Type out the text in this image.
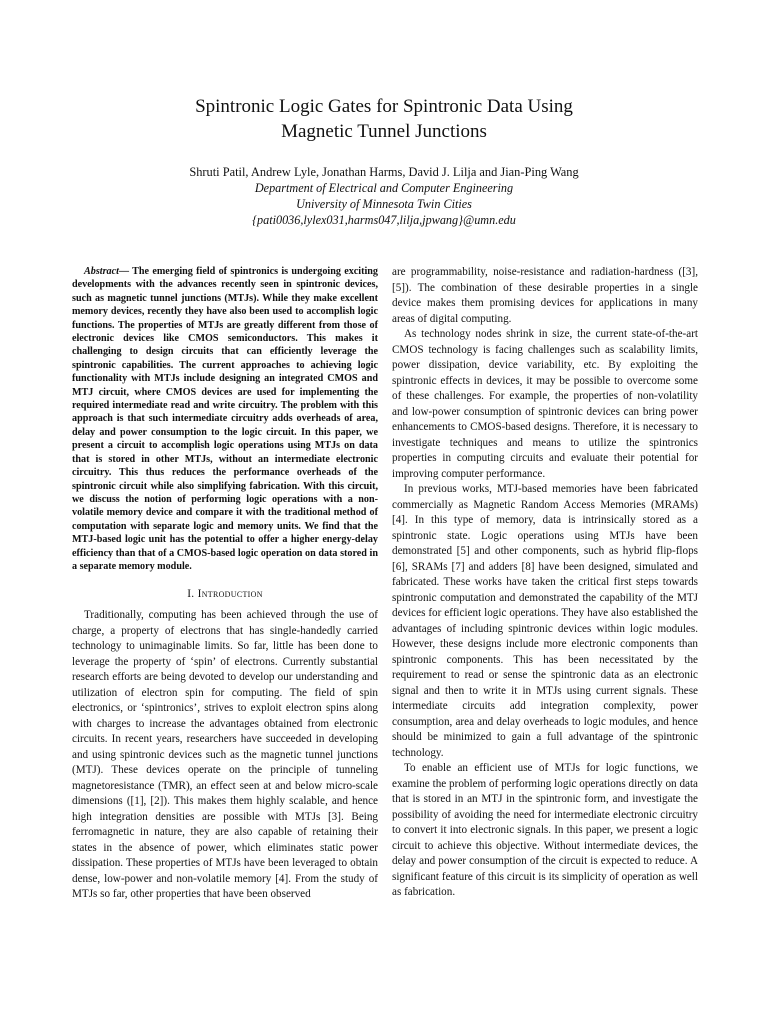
Spintronic Logic Gates for Spintronic Data Using
Magnetic Tunnel Junctions
Shruti Patil, Andrew Lyle, Jonathan Harms, David J. Lilja and Jian-Ping Wang
Department of Electrical and Computer Engineering
University of Minnesota Twin Cities
{pati0036,lylex031,harms047,lilja,jpwang}@umn.edu

Abstract— The emerging field of spintronics is undergoing exciting developments with the advances recently seen in spintronic devices, such as magnetic tunnel junctions (MTJs). While they make excellent memory devices, recently they have also been used to accomplish logic functions. The properties of MTJs are greatly different from those of electronic devices like CMOS semiconductors. This makes it challenging to design circuits that can efficiently leverage the spintronic capabilities. The current approaches to achieving logic functionality with MTJs include designing an integrated CMOS and MTJ circuit, where CMOS devices are used for implementing the required intermediate read and write circuitry. The problem with this approach is that such intermediate circuitry adds overheads of area, delay and power consumption to the logic circuit. In this paper, we present a circuit to accomplish logic operations using MTJs on data that is stored in other MTJs, without an intermediate electronic circuitry. This thus reduces the performance overheads of the spintronic circuit while also simplifying fabrication. With this circuit, we discuss the notion of performing logic operations with a non-volatile memory device and compare it with the traditional method of computation with separate logic and memory units. We find that the MTJ-based logic unit has the potential to offer a higher energy-delay efficiency than that of a CMOS-based logic operation on data stored in a separate memory module.

I. Introduction

Traditionally, computing has been achieved through the use of charge, a property of electrons that has single-handedly carried technology to unimaginable limits. So far, little has been done to leverage the property of ‘spin’ of electrons. Currently substantial research efforts are being devoted to develop our understanding and utilization of electron spin for computing. The field of spin electronics, or ‘spintronics’, strives to exploit electron spins along with charges to increase the advantages obtained from electronic circuits. In recent years, researchers have succeeded in developing and using spintronic devices such as the magnetic tunnel junctions (MTJ). These devices operate on the principle of tunneling magnetoresistance (TMR), an effect seen at and below micro-scale dimensions ([1], [2]). This makes them highly scalable, and hence high integration densities are possible with MTJs [3]. Being ferromagnetic in nature, they are also capable of retaining their states in the absence of power, which eliminates static power dissipation. These properties of MTJs have been leveraged to obtain dense, low-power and non-volatile memory [4]. From the study of MTJs so far, other properties that have been observed

are programmability, noise-resistance and radiation-hardness ([3], [5]). The combination of these desirable properties in a single device makes them promising devices for applications in many areas of digital computing.

As technology nodes shrink in size, the current state-of-the-art CMOS technology is facing challenges such as scalability limits, power dissipation, device variability, etc. By exploiting the spintronic effects in devices, it may be possible to overcome some of these challenges. For example, the properties of non-volatility and low-power consumption of spintronic devices can bring power enhancements to CMOS-based designs. Therefore, it is necessary to investigate techniques and means to utilize the spintronics properties in computing circuits and evaluate their potential for improving computer performance.

In previous works, MTJ-based memories have been fabricated commercially as Magnetic Random Access Memories (MRAMs) [4]. In this type of memory, data is intrinsically stored as a spintronic state. Logic operations using MTJs have been demonstrated [5] and other components, such as hybrid flip-flops [6], SRAMs [7] and adders [8] have been designed, simulated and fabricated. These works have taken the critical first steps towards spintronic computation and demonstrated the capability of the MTJ devices for efficient logic operations. They have also established the advantages of including spintronic devices within logic modules. However, these designs include more electronic components than spintronic components. This has been necessitated by the requirement to read or sense the spintronic data as an electronic signal and then to write it in MTJs using current signals. These intermediate circuits add integration complexity, power consumption, area and delay overheads to logic modules, and hence should be minimized to gain a full advantage of the spintronic technology.

To enable an efficient use of MTJs for logic functions, we examine the problem of performing logic operations directly on data that is stored in an MTJ in the spintronic form, and investigate the possibility of avoiding the need for intermediate electronic circuitry to convert it into electronic signals. In this paper, we present a logic circuit to achieve this objective. Without intermediate devices, the delay and power consumption of the circuit is expected to reduce. A significant feature of this circuit is its simplicity of operation as well as fabrication.
